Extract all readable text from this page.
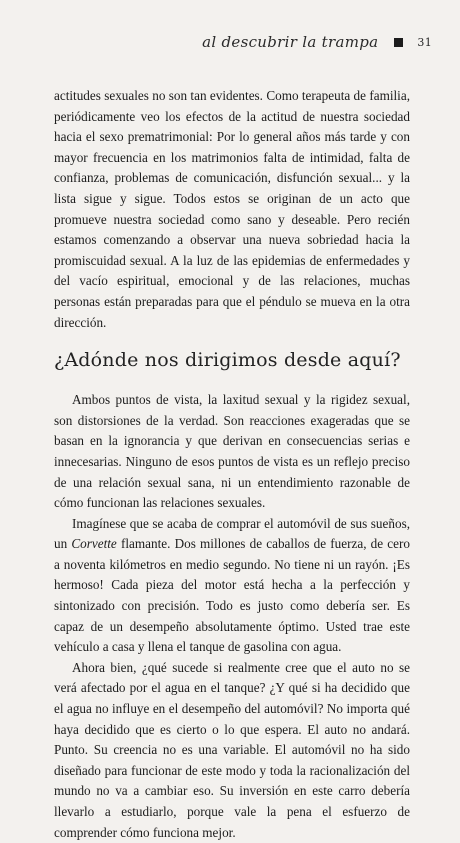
al descubrir la trampa	31

actitudes sexuales no son tan evidentes. Como terapeuta de familia, periódicamente veo los efectos de la actitud de nuestra sociedad hacia el sexo prematrimonial: Por lo general años más tarde y con mayor frecuencia en los matrimonios falta de intimidad, falta de confianza, problemas de comunicación, disfunción sexual... y la lista sigue y sigue. Todos estos se originan de un acto que promueve nuestra sociedad como sano y deseable. Pero recién estamos comenzando a observar una nueva sobriedad hacia la promiscuidad sexual. A la luz de las epidemias de enfermedades y del vacío espiritual, emocional y de las relaciones, muchas personas están preparadas para que el péndulo se mueva en la otra dirección.

¿Adónde nos dirigimos desde aquí?

Ambos puntos de vista, la laxitud sexual y la rigidez sexual, son distorsiones de la verdad. Son reacciones exageradas que se basan en la ignorancia y que derivan en consecuencias serias e innecesarias. Ninguno de esos puntos de vista es un reflejo preciso de una relación sexual sana, ni un entendimiento razonable de cómo funcionan las relaciones sexuales.

Imagínese que se acaba de comprar el automóvil de sus sueños, un Corvette flamante. Dos millones de caballos de fuerza, de cero a noventa kilómetros en medio segundo. No tiene ni un rayón. ¡Es hermoso! Cada pieza del motor está hecha a la perfección y sintonizado con precisión. Todo es justo como debería ser. Es capaz de un desempeño absolutamente óptimo. Usted trae este vehículo a casa y llena el tanque de gasolina con agua.

Ahora bien, ¿qué sucede si realmente cree que el auto no se verá afectado por el agua en el tanque? ¿Y qué si ha decidido que el agua no influye en el desempeño del automóvil? No importa qué haya decidido que es cierto o lo que espera. El auto no andará. Punto. Su creencia no es una variable. El automóvil no ha sido diseñado para funcionar de este modo y toda la racionalización del mundo no va a cambiar eso. Su inversión en este carro debería llevarlo a estudiarlo, porque vale la pena el esfuerzo de comprender cómo funciona mejor.
